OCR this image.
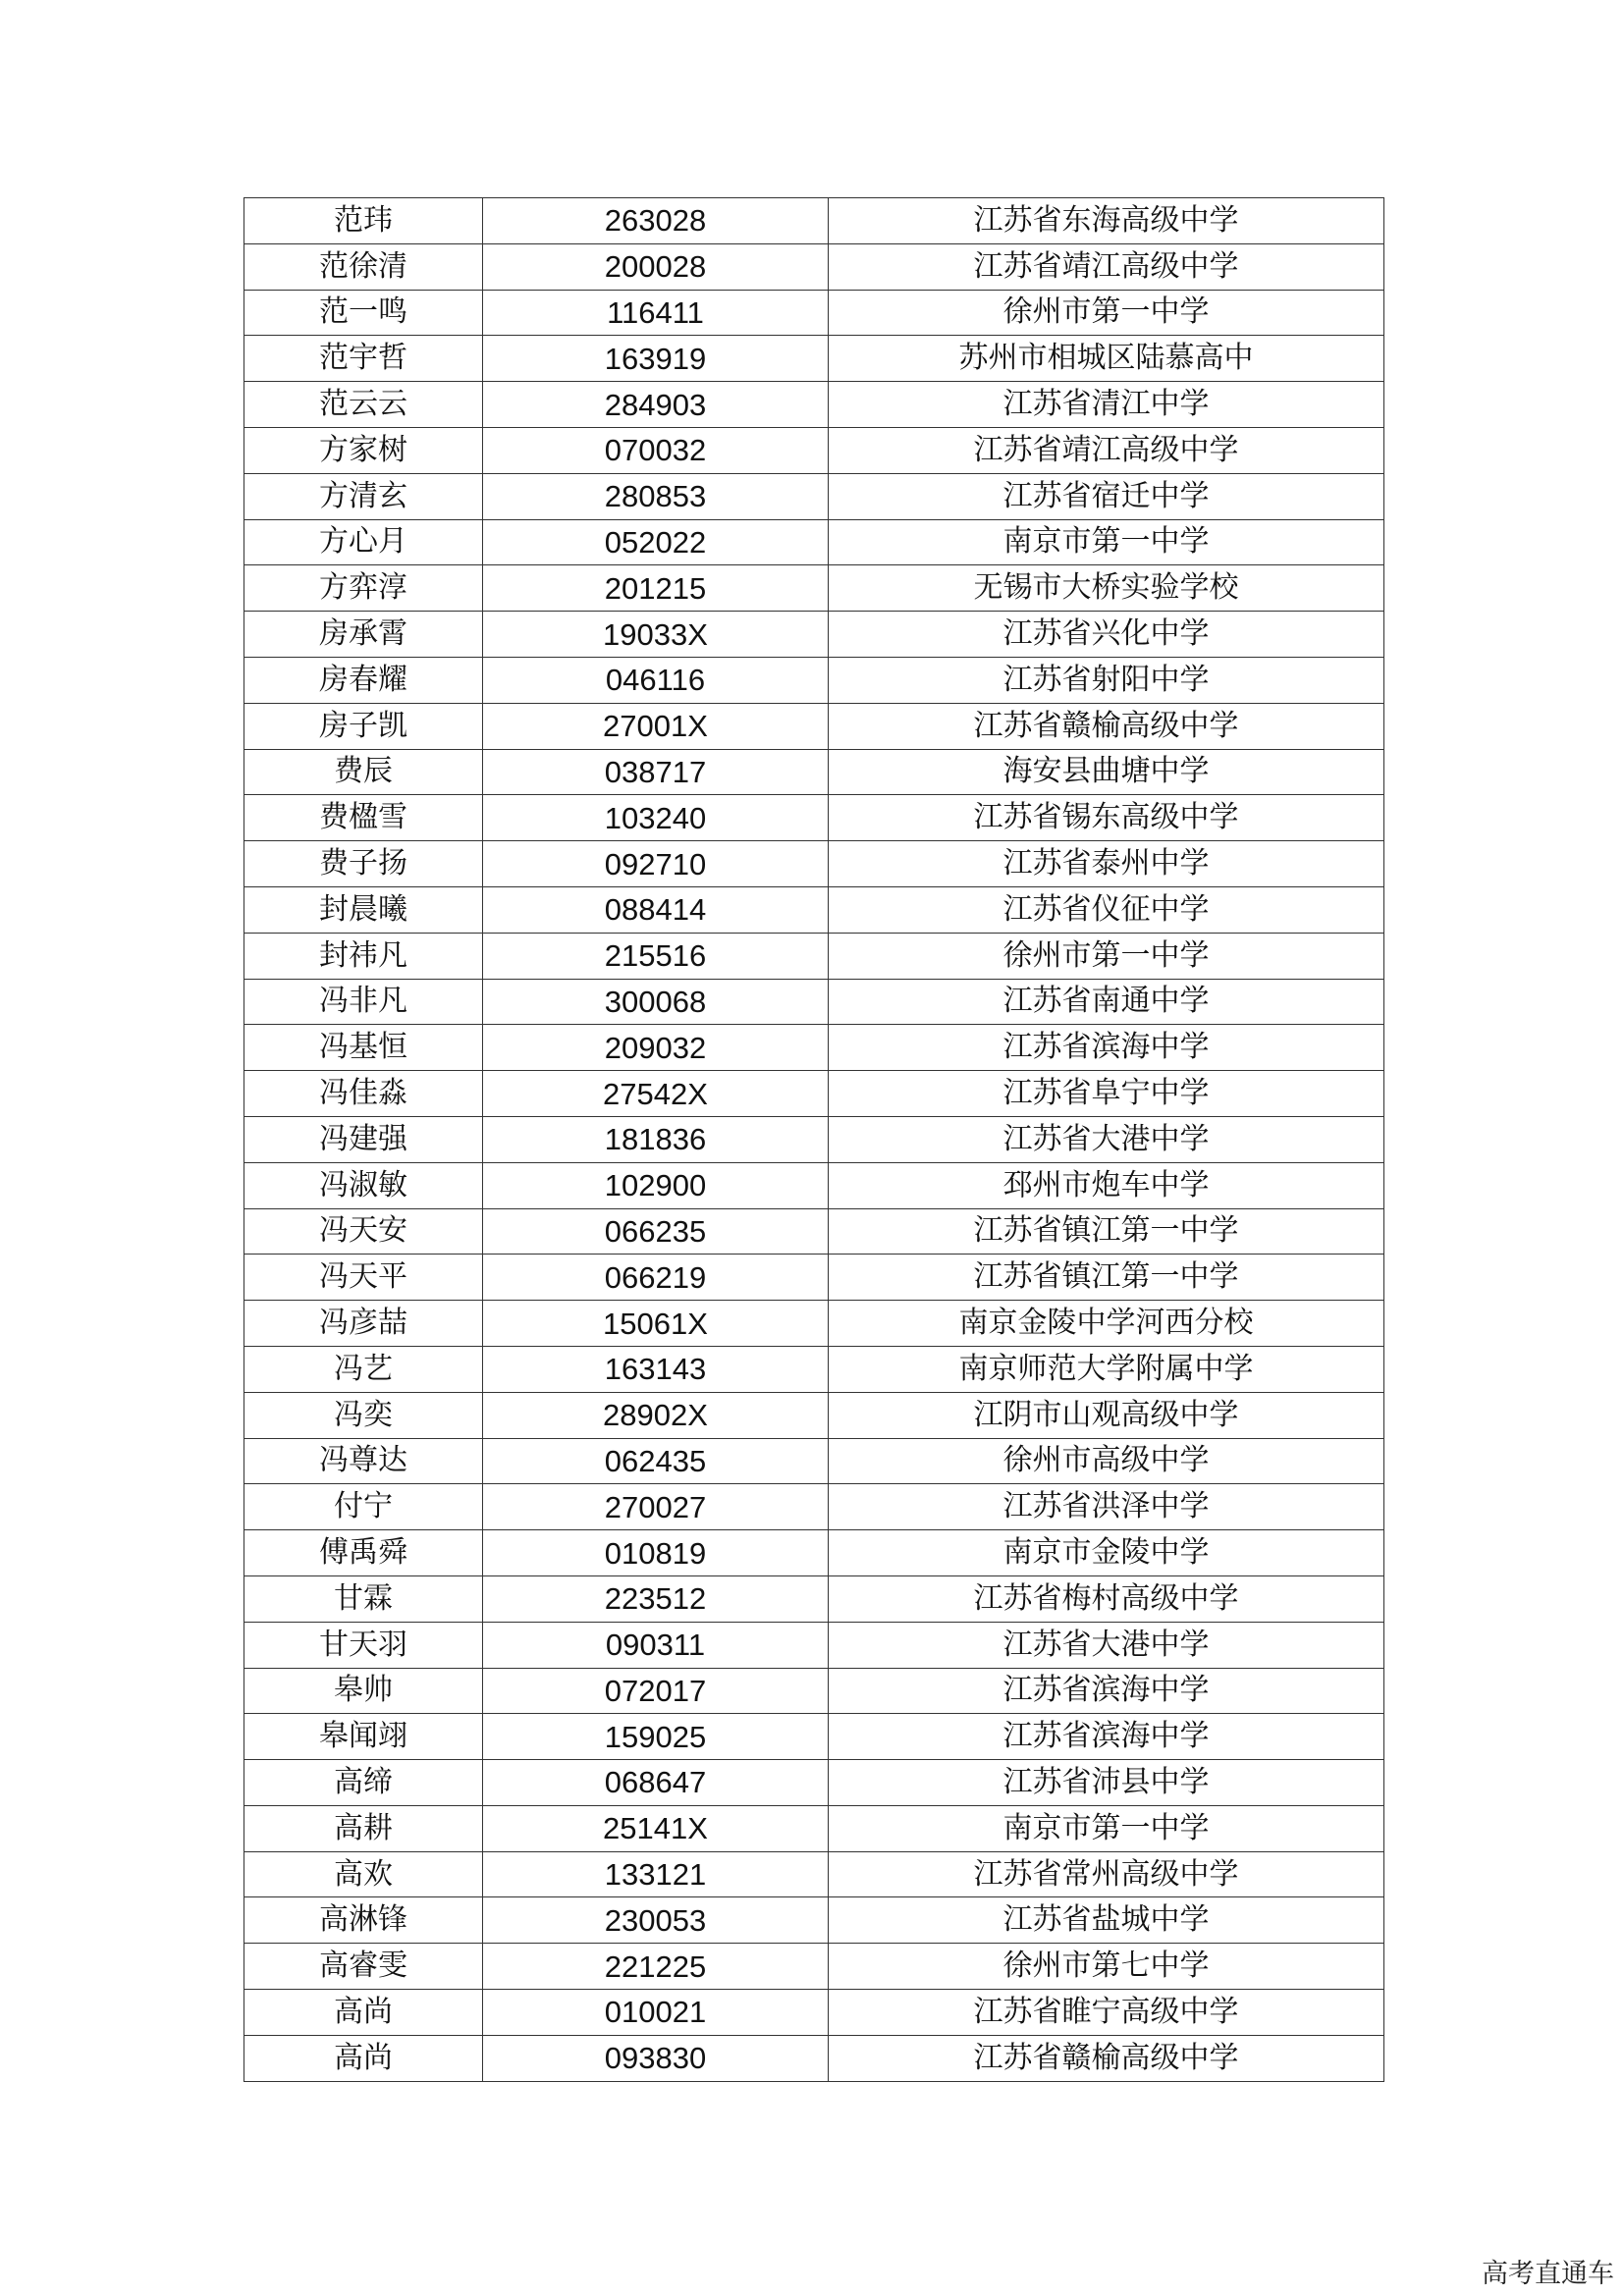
范玮	263028	江苏省东海高级中学
范徐清	200028	江苏省靖江高级中学
范一鸣	116411	徐州市第一中学
范宇哲	163919	苏州市相城区陆慕高中
范云云	284903	江苏省清江中学
方家树	070032	江苏省靖江高级中学
方清玄	280853	江苏省宿迁中学
方心月	052022	南京市第一中学
方弈淳	201215	无锡市大桥实验学校
房承霄	19033X	江苏省兴化中学
房春耀	046116	江苏省射阳中学
房子凯	27001X	江苏省赣榆高级中学
费辰	038717	海安县曲塘中学
费楹雪	103240	江苏省锡东高级中学
费子扬	092710	江苏省泰州中学
封晨曦	088414	江苏省仪征中学
封祎凡	215516	徐州市第一中学
冯非凡	300068	江苏省南通中学
冯基恒	209032	江苏省滨海中学
冯佳淼	27542X	江苏省阜宁中学
冯建强	181836	江苏省大港中学
冯淑敏	102900	邳州市炮车中学
冯天安	066235	江苏省镇江第一中学
冯天平	066219	江苏省镇江第一中学
冯彦喆	15061X	南京金陵中学河西分校
冯艺	163143	南京师范大学附属中学
冯奕	28902X	江阴市山观高级中学
冯尊达	062435	徐州市高级中学
付宁	270027	江苏省洪泽中学
傅禹舜	010819	南京市金陵中学
甘霖	223512	江苏省梅村高级中学
甘天羽	090311	江苏省大港中学
皋帅	072017	江苏省滨海中学
皋闻翊	159025	江苏省滨海中学
高缔	068647	江苏省沛县中学
高耕	25141X	南京市第一中学
高欢	133121	江苏省常州高级中学
高淋锋	230053	江苏省盐城中学
高睿雯	221225	徐州市第七中学
高尚	010021	江苏省睢宁高级中学
高尚	093830	江苏省赣榆高级中学
高考直通车
